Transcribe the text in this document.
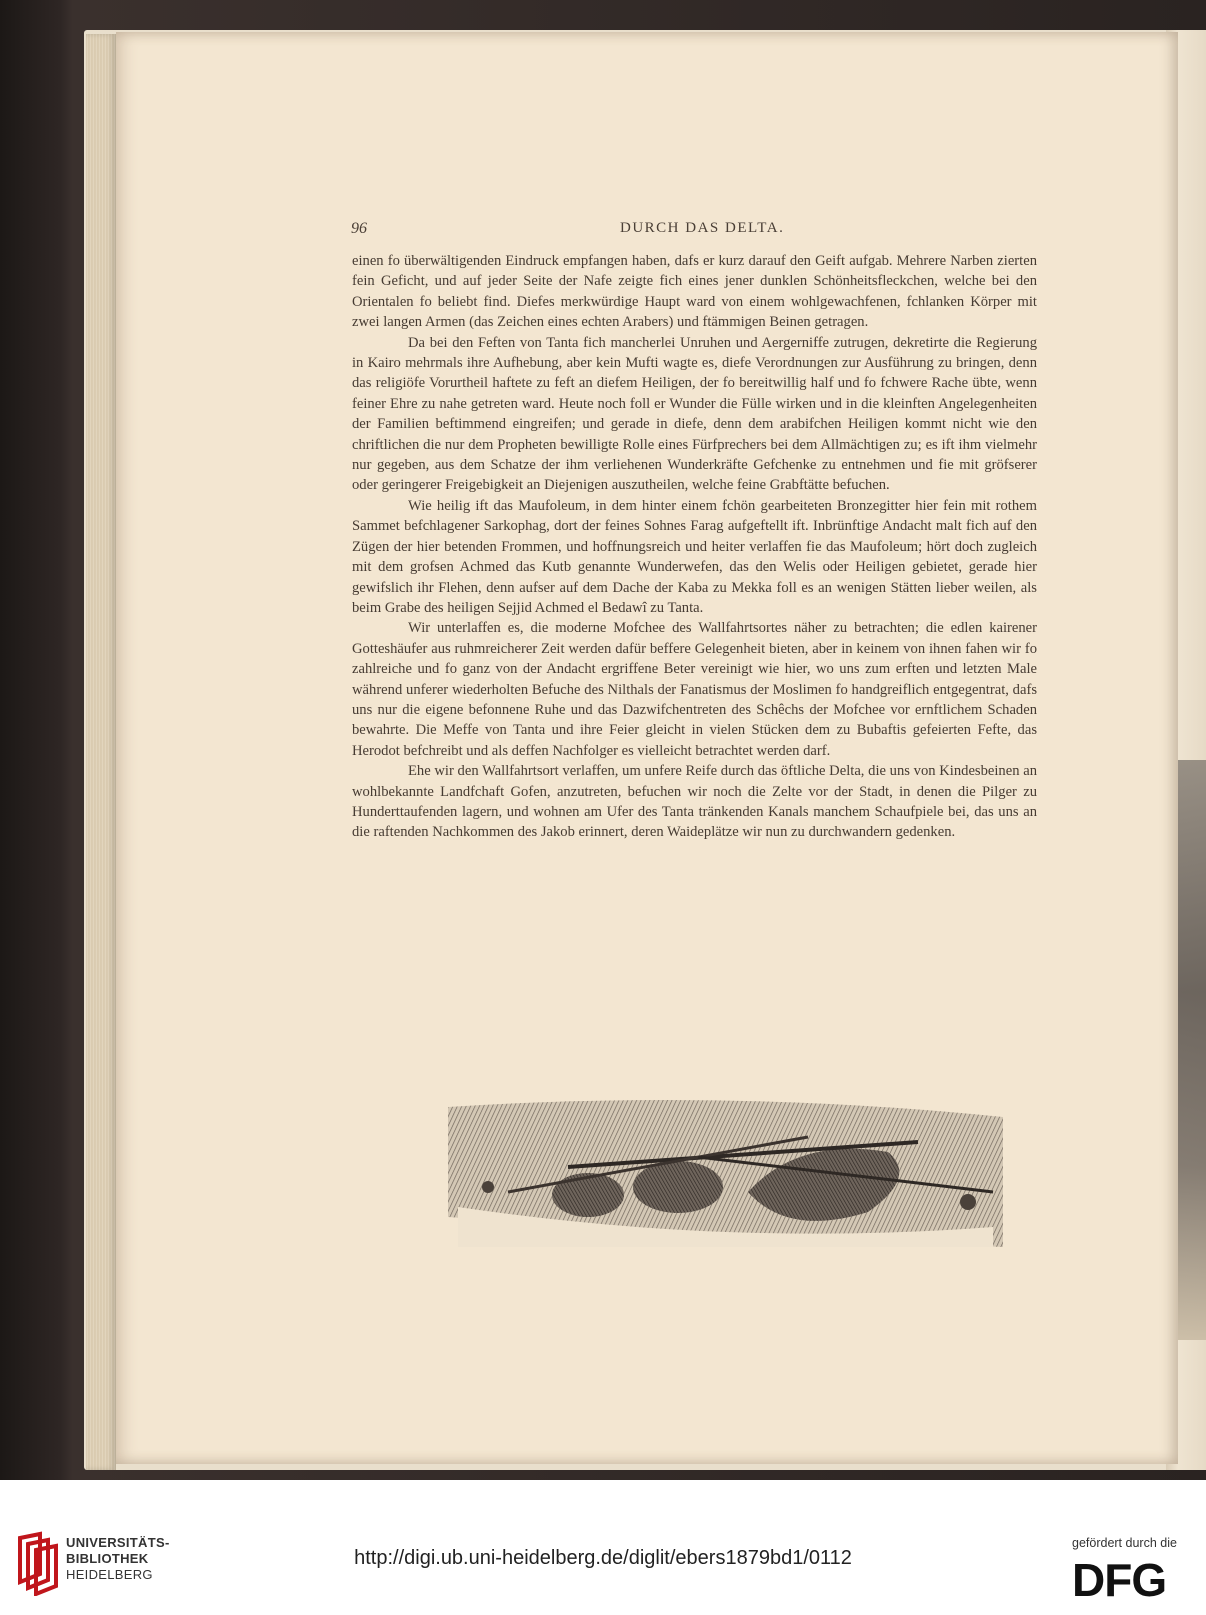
96	DURCH DAS DELTA.

einen fo überwältigenden Eindruck empfangen haben, dafs er kurz darauf den Geift aufgab. Mehrere Narben zierten fein Geficht, und auf jeder Seite der Nafe zeigte fich eines jener dunklen Schönheitsfleckchen, welche bei den Orientalen fo beliebt find. Diefes merkwürdige Haupt ward von einem wohlgewachfenen, fchlanken Körper mit zwei langen Armen (das Zeichen eines echten Arabers) und ftämmigen Beinen getragen.

Da bei den Feften von Tanta fich mancherlei Unruhen und Aergerniffe zutrugen, dekretirte die Regierung in Kairo mehrmals ihre Aufhebung, aber kein Mufti wagte es, diefe Verordnungen zur Ausführung zu bringen, denn das religiöfe Vorurtheil haftete zu feft an diefem Heiligen, der fo bereitwillig half und fo fchwere Rache übte, wenn feiner Ehre zu nahe getreten ward. Heute noch foll er Wunder die Fülle wirken und in die kleinften Angelegenheiten der Familien beftimmend eingreifen; und gerade in diefe, denn dem arabifchen Heiligen kommt nicht wie den chriftlichen die nur dem Propheten bewilligte Rolle eines Fürfprechers bei dem Allmächtigen zu; es ift ihm vielmehr nur gegeben, aus dem Schatze der ihm verliehenen Wunderkräfte Gefchenke zu entnehmen und fie mit gröfserer oder geringerer Freigebigkeit an Diejenigen auszutheilen, welche feine Grabftätte befuchen.

Wie heilig ift das Maufoleum, in dem hinter einem fchön gearbeiteten Bronzegitter hier fein mit rothem Sammet befchlagener Sarkophag, dort der feines Sohnes Farag aufgeftellt ift. Inbrünftige Andacht malt fich auf den Zügen der hier betenden Frommen, und hoffnungsreich und heiter verlaffen fie das Maufoleum; hört doch zugleich mit dem grofsen Achmed das Kutb genannte Wunderwefen, das den Welis oder Heiligen gebietet, gerade hier gewifslich ihr Flehen, denn aufser auf dem Dache der Kaba zu Mekka foll es an wenigen Stätten lieber weilen, als beim Grabe des heiligen Sejjid Achmed el Bedawî zu Tanta.

Wir unterlaffen es, die moderne Mofchee des Wallfahrtsortes näher zu betrachten; die edlen kairener Gotteshäufer aus ruhmreicherer Zeit werden dafür beffere Gelegenheit bieten, aber in keinem von ihnen fahen wir fo zahlreiche und fo ganz von der Andacht ergriffene Beter vereinigt wie hier, wo uns zum erften und letzten Male während unferer wiederholten Befuche des Nilthals der Fanatismus der Moslimen fo handgreiflich entgegentrat, dafs uns nur die eigene befonnene Ruhe und das Dazwifchentreten des Schêchs der Mofchee vor ernftlichem Schaden bewahrte. Die Meffe von Tanta und ihre Feier gleicht in vielen Stücken dem zu Bubaftis gefeierten Fefte, das Herodot befchreibt und als deffen Nachfolger es vielleicht betrachtet werden darf.

Ehe wir den Wallfahrtsort verlaffen, um unfere Reife durch das öftliche Delta, die uns von Kindesbeinen an wohlbekannte Landfchaft Gofen, anzutreten, befuchen wir noch die Zelte vor der Stadt, in denen die Pilger zu Hunderttaufenden lagern, und wohnen am Ufer des Tanta tränkenden Kanals manchem Schaufpiele bei, das uns an die raftenden Nachkommen des Jakob erinnert, deren Waideplätze wir nun zu durchwandern gedenken.

UNIVERSITÄTS-
BIBLIOTHEK
HEIDELBERG
http://digi.ub.uni-heidelberg.de/diglit/ebers1879bd1/0112
gefördert durch die
DFG
